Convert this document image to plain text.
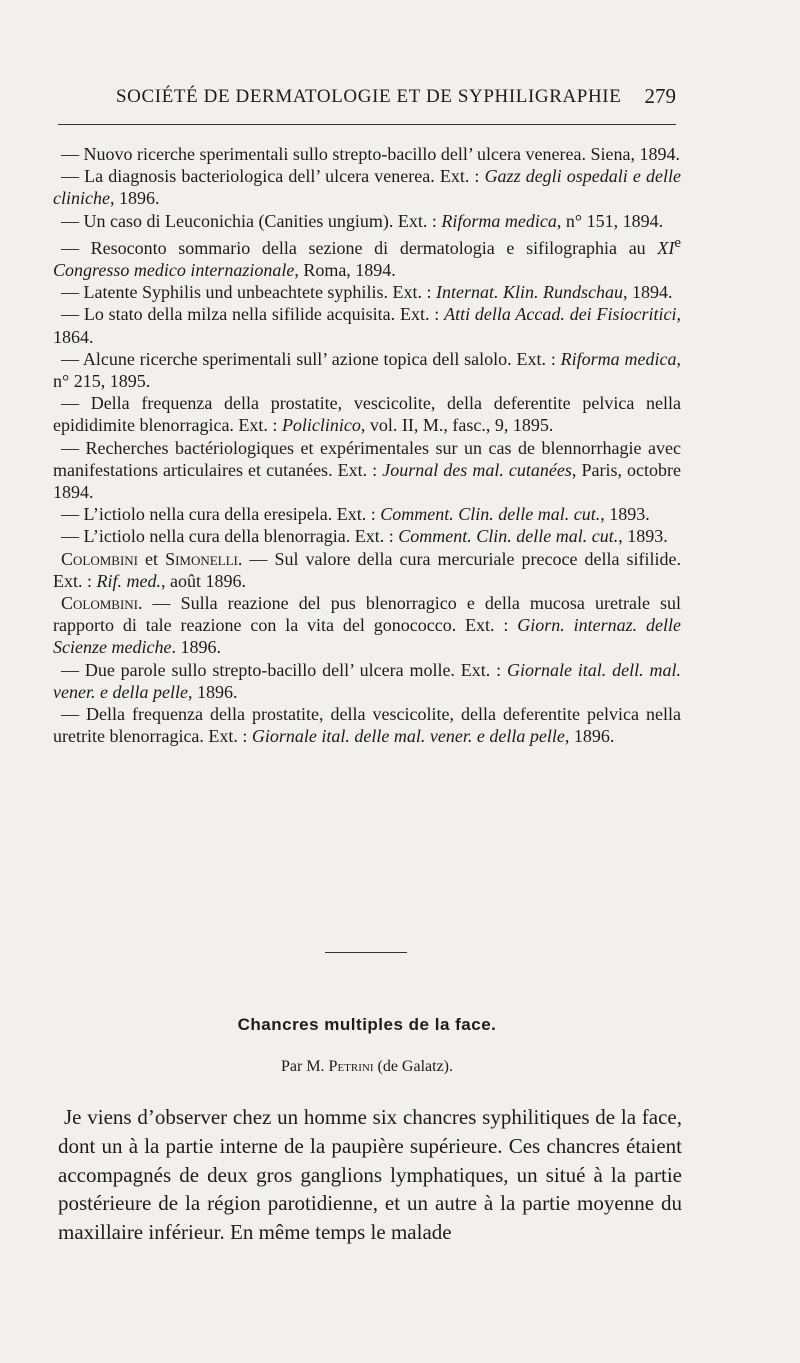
SOCIÉTÉ DE DERMATOLOGIE ET DE SYPHILIGRAPHIE 279

— Nuovo ricerche sperimentali sullo strepto-bacillo dell’ ulcera venerea. Siena, 1894.

— La diagnosis bacteriologica dell’ ulcera venerea. Ext. : Gazz degli ospedali e delle cliniche, 1896.

— Un caso di Leuconichia (Canities ungium). Ext. : Riforma medica, n° 151, 1894.

— Resoconto sommario della sezione di dermatologia e sifilographia au XIe Congresso medico internazionale, Roma, 1894.

— Latente Syphilis und unbeachtete syphilis. Ext. : Internat. Klin. Rundschau, 1894.

— Lo stato della milza nella sifilide acquisita. Ext. : Atti della Accad. dei Fisiocritici, 1864.

— Alcune ricerche sperimentali sull’ azione topica dell salolo. Ext. : Riforma medica, n° 215, 1895.

— Della frequenza della prostatite, vescicolite, della deferentite pelvica nella epididimite blenorragica. Ext. : Policlinico, vol. II, M., fasc., 9, 1895.

— Recherches bactériologiques et expérimentales sur un cas de blennorrhagie avec manifestations articulaires et cutanées. Ext. : Journal des mal. cutanées, Paris, octobre 1894.

— L’ictiolo nella cura della eresipela. Ext. : Comment. Clin. delle mal. cut., 1893.

— L’ictiolo nella cura della blenorragia. Ext. : Comment. Clin. delle mal. cut., 1893.

Colombini et Simonelli. — Sul valore della cura mercuriale precoce della sifilide. Ext. : Rif. med., août 1896.

Colombini. — Sulla reazione del pus blenorragico e della mucosa uretrale sul rapporto di tale reazione con la vita del gonococco. Ext. : Giorn. internaz. delle Scienze mediche. 1896.

— Due parole sullo strepto-bacillo dell’ ulcera molle. Ext. : Giornale ital. dell. mal. vener. e della pelle, 1896.

— Della frequenza della prostatite, della vescicolite, della deferentite pelvica nella uretrite blenorragica. Ext. : Giornale ital. delle mal. vener. e della pelle, 1896.

Chancres multiples de la face.
Par M. Petrini (de Galatz).

Je viens d’observer chez un homme six chancres syphilitiques de la face, dont un à la partie interne de la paupière supérieure. Ces chancres étaient accompagnés de deux gros ganglions lymphatiques, un situé à la partie postérieure de la région parotidienne, et un autre à la partie moyenne du maxillaire inférieur. En même temps le malade
